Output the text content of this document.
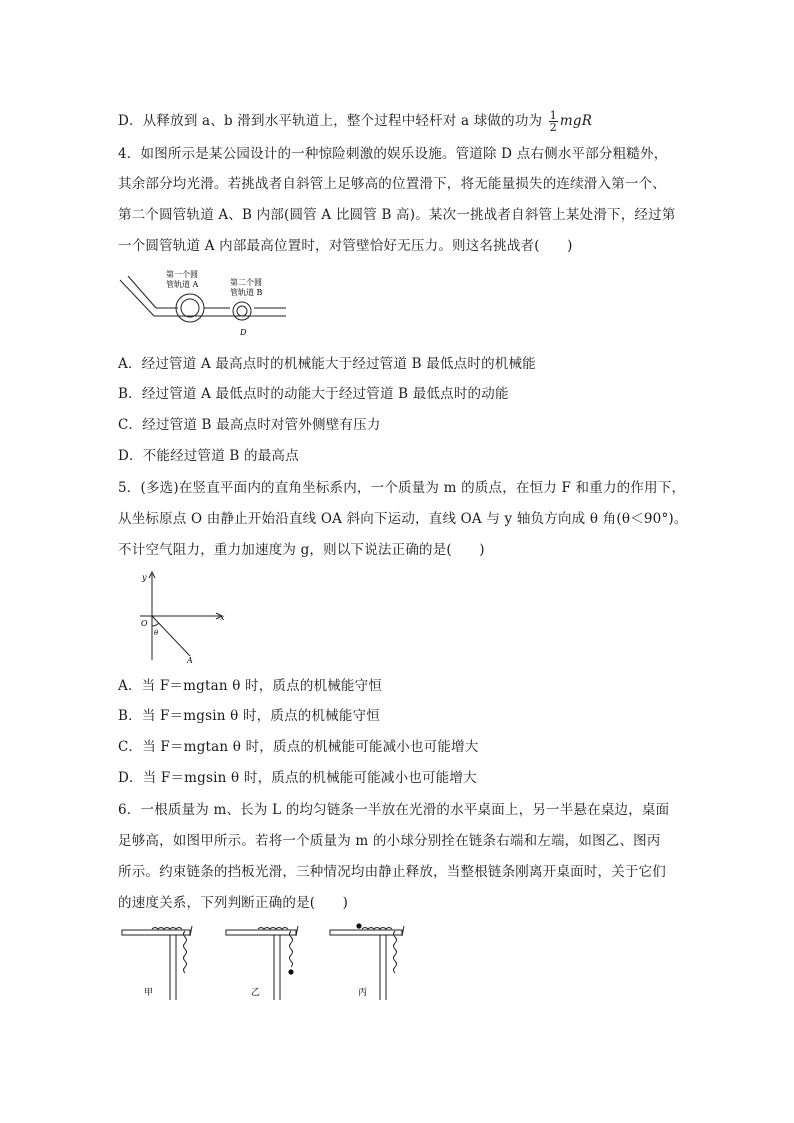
D．从释放到 a、b 滑到水平轨道上，整个过程中轻杆对 a 球做的功为 $\frac{1}{2}$ mgR
4．如图所示是某公园设计的一种惊险刺激的娱乐设施。管道除 D 点右侧水平部分粗糙外，
其余部分均光滑。若挑战者自斜管上足够高的位置滑下，将无能量损失的连续滑入第一个、
第二个圆管轨道 A、B 内部(圆管 A 比圆管 B 高)。某次一挑战者自斜管上某处滑下，经过第
一个圆管轨道 A 内部最高位置时，对管壁恰好无压力。则这名挑战者(　　)
第一个圆
管轨道 A	第二个圆
管轨道 B
D
A．经过管道 A 最高点时的机械能大于经过管道 B 最低点时的机械能
B．经过管道 A 最低点时的动能大于经过管道 B 最低点时的动能
C．经过管道 B 最高点时对管外侧壁有压力
D．不能经过管道 B 的最高点
5．(多选)在竖直平面内的直角坐标系内，一个质量为 m 的质点，在恒力 F 和重力的作用下，
从坐标原点 O 由静止开始沿直线 OA 斜向下运动，直线 OA 与 y 轴负方向成 θ 角(θ＜90°)。
不计空气阻力，重力加速度为 g，则以下说法正确的是(　　)
y
x
O
θ
A
A．当 F＝mgtan θ 时，质点的机械能守恒
B．当 F＝mgsin θ 时，质点的机械能守恒
C．当 F＝mgtan θ 时，质点的机械能可能减小也可能增大
D．当 F＝mgsin θ 时，质点的机械能可能减小也可能增大
6．一根质量为 m、长为 L 的均匀链条一半放在光滑的水平桌面上，另一半悬在桌边，桌面
足够高，如图甲所示。若将一个质量为 m 的小球分别拴在链条右端和左端，如图乙、图丙
所示。约束链条的挡板光滑，三种情况均由静止释放，当整根链条刚离开桌面时，关于它们
的速度关系，下列判断正确的是(　　)
甲	乙	丙
